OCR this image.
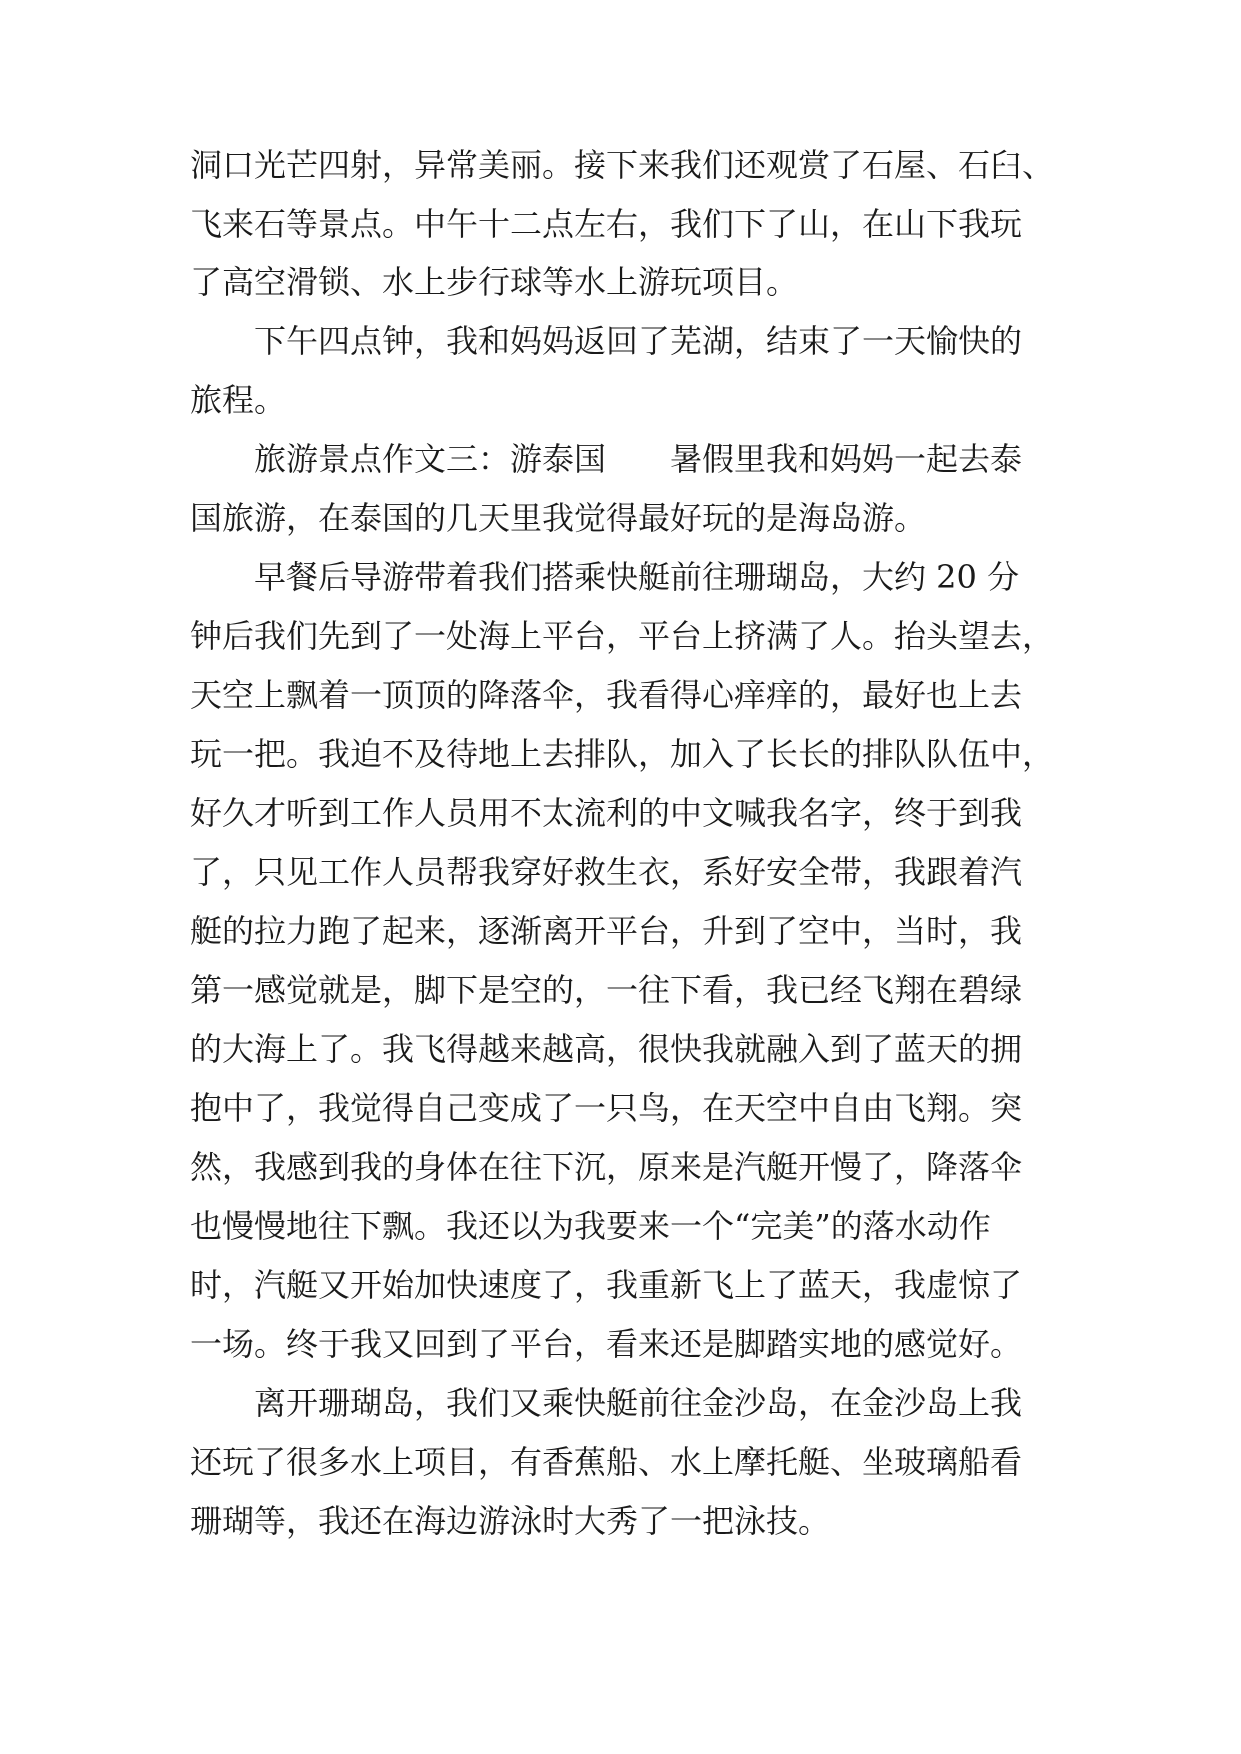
洞口光芒四射，异常美丽。接下来我们还观赏了石屋、石臼、
飞来石等景点。中午十二点左右，我们下了山，在山下我玩
了高空滑锁、水上步行球等水上游玩项目。
下午四点钟，我和妈妈返回了芜湖，结束了一天愉快的
旅程。
旅游景点作文三：游泰国　　暑假里我和妈妈一起去泰
国旅游，在泰国的几天里我觉得最好玩的是海岛游。
早餐后导游带着我们搭乘快艇前往珊瑚岛，大约 20 分
钟后我们先到了一处海上平台，平台上挤满了人。抬头望去，
天空上飘着一顶顶的降落伞，我看得心痒痒的，最好也上去
玩一把。我迫不及待地上去排队，加入了长长的排队队伍中，
好久才听到工作人员用不太流利的中文喊我名字，终于到我
了，只见工作人员帮我穿好救生衣，系好安全带，我跟着汽
艇的拉力跑了起来，逐渐离开平台，升到了空中，当时，我
第一感觉就是，脚下是空的，一往下看，我已经飞翔在碧绿
的大海上了。我飞得越来越高，很快我就融入到了蓝天的拥
抱中了，我觉得自己变成了一只鸟，在天空中自由飞翔。突
然，我感到我的身体在往下沉，原来是汽艇开慢了，降落伞
也慢慢地往下飘。我还以为我要来一个“完美”的落水动作
时，汽艇又开始加快速度了，我重新飞上了蓝天，我虚惊了
一场。终于我又回到了平台，看来还是脚踏实地的感觉好。
离开珊瑚岛，我们又乘快艇前往金沙岛，在金沙岛上我
还玩了很多水上项目，有香蕉船、水上摩托艇、坐玻璃船看
珊瑚等，我还在海边游泳时大秀了一把泳技。
